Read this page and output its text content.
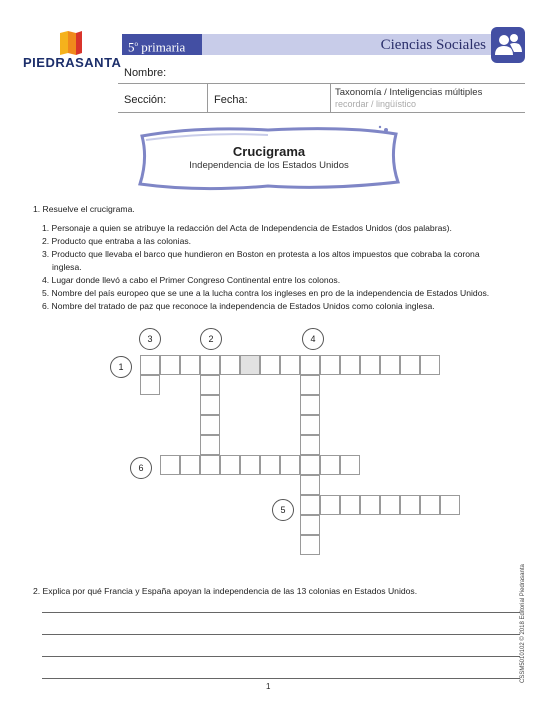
PIEDRASANTA
5$^o$ primaria	Ciencias Sociales
Nombre:
Sección:	Fecha:
Taxonomía / Inteligencias múltiples
recordar / lingüístico
Crucigrama
Independencia de los Estados Unidos
1. Resuelve el crucigrama.
1. Personaje a quien se atribuye la redacción del Acta de Independencia de Estados Unidos (dos palabras).
2. Producto que entraba a las colonias.
3. Producto que llevaba el barco que hundieron en Boston en protesta a los altos impuestos que cobraba la corona
inglesa.
4. Lugar donde llevó a cabo el Primer Congreso Continental entre los colonos.
5. Nombre del país europeo que se une a la lucha contra los ingleses en pro de la independencia de Estados Unidos.
6. Nombre del tratado de paz que reconoce la independencia de Estados Unidos como colonia inglesa.
1
2
3	4
5
6
2. Explica por qué Francia y España apoyan la independencia de las 13 colonias en Estados Unidos.	CSSM5010102 © 2018 Editorial Piedrasanta
1
